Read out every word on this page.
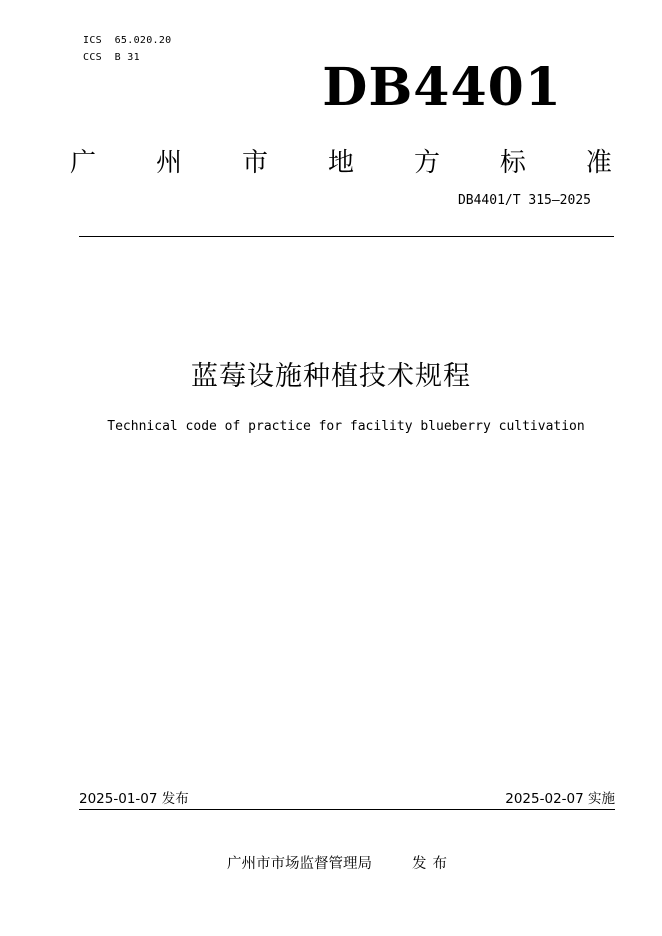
ICS  65.020.20
CCS  B 31	DB4401
广 州 市 地 方 标 准
DB4401/T 315—2025
蓝莓设施种植技术规程
Technical code of practice for facility blueberry cultivation
2025-01-07 发布	2025-02-07 实施
广州市市场监督管理局	发布
